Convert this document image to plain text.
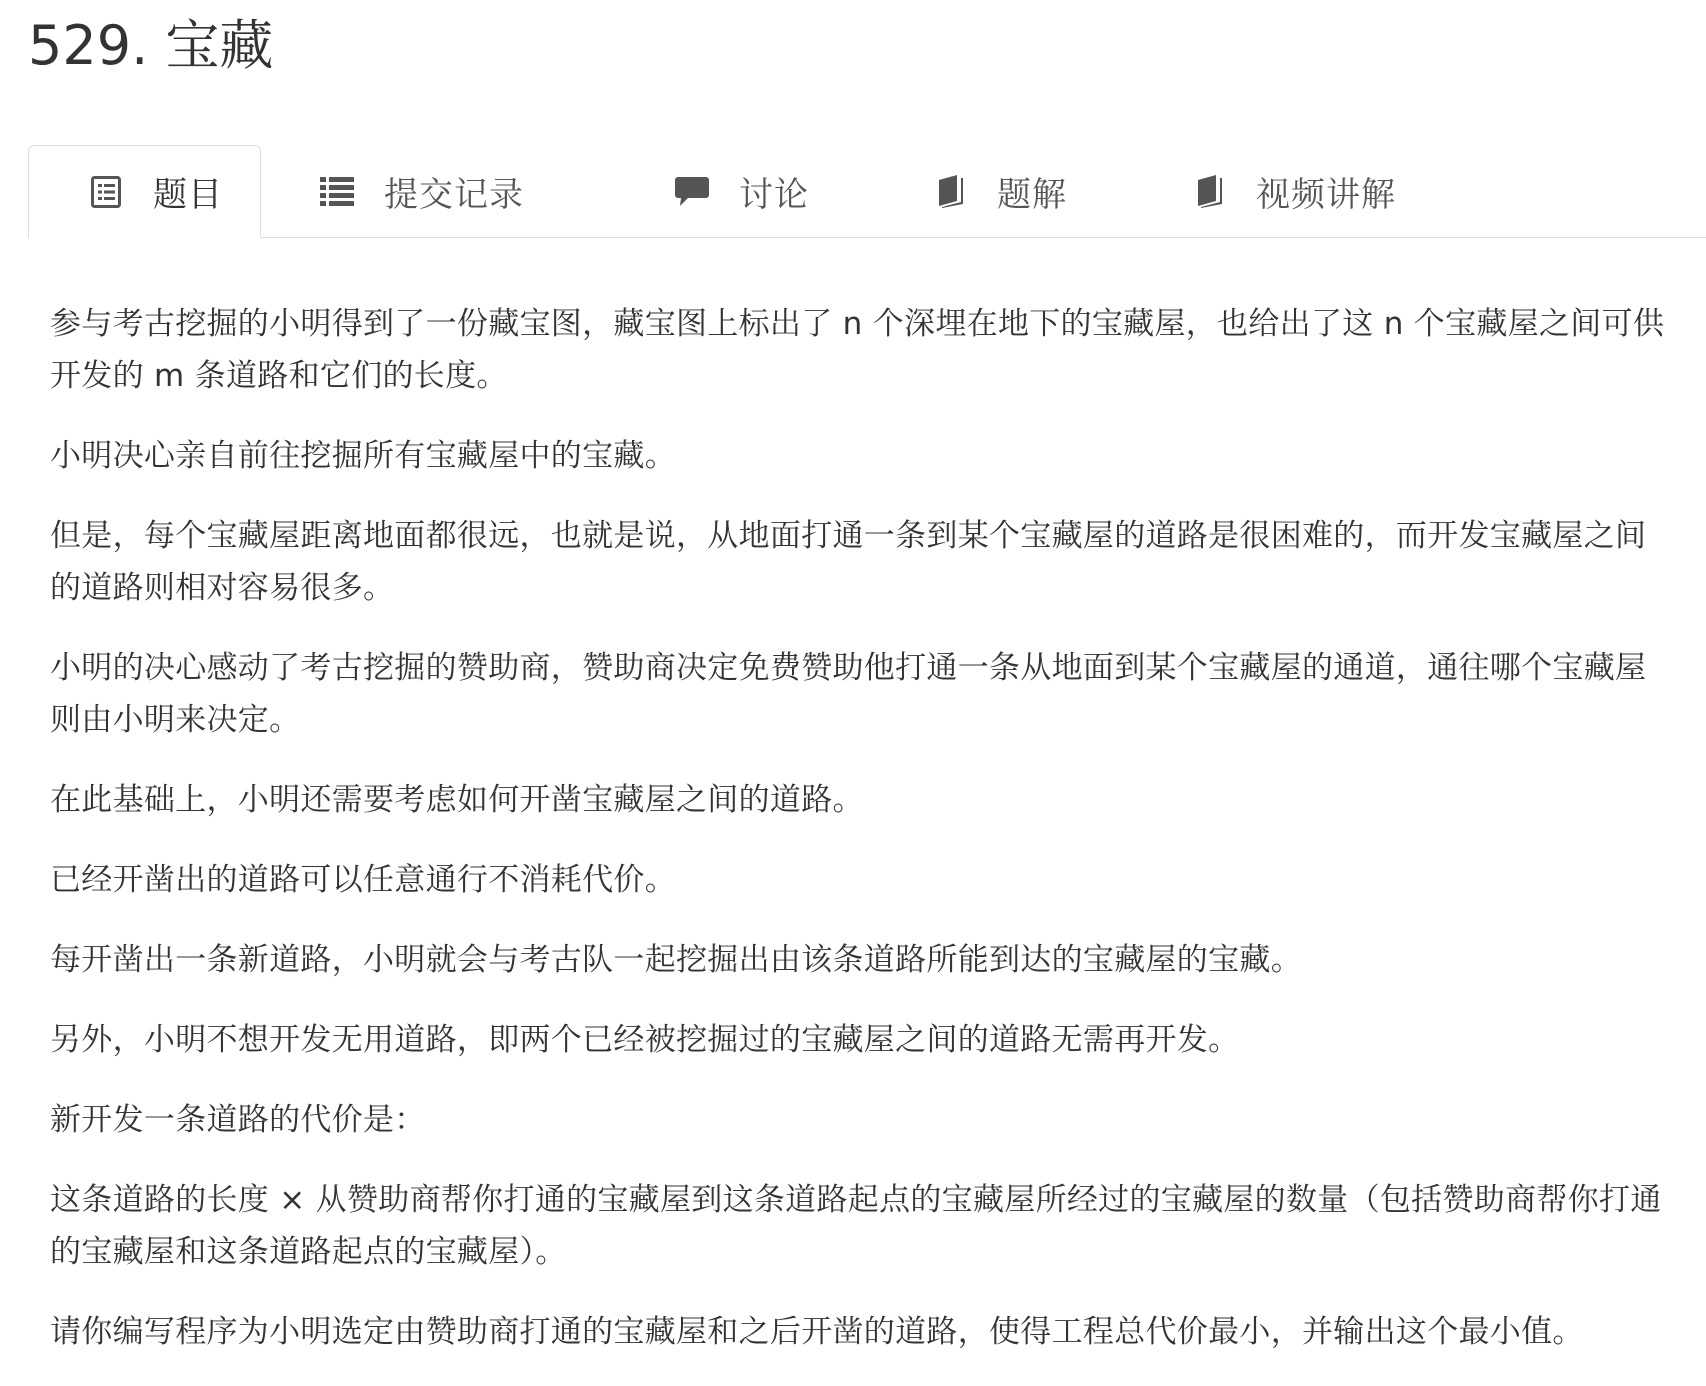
529. 宝藏
题目	提交记录	讨论	题解	视频讲解

参与考古挖掘的小明得到了一份藏宝图，藏宝图上标出了 n 个深埋在地下的宝藏屋，也给出了这 n 个宝藏屋之间可供开发的 m 条道路和它们的长度。

小明决心亲自前往挖掘所有宝藏屋中的宝藏。

但是，每个宝藏屋距离地面都很远，也就是说，从地面打通一条到某个宝藏屋的道路是很困难的，而开发宝藏屋之间的道路则相对容易很多。

小明的决心感动了考古挖掘的赞助商，赞助商决定免费赞助他打通一条从地面到某个宝藏屋的通道，通往哪个宝藏屋则由小明来决定。

在此基础上，小明还需要考虑如何开凿宝藏屋之间的道路。

已经开凿出的道路可以任意通行不消耗代价。

每开凿出一条新道路，小明就会与考古队一起挖掘出由该条道路所能到达的宝藏屋的宝藏。

另外，小明不想开发无用道路，即两个已经被挖掘过的宝藏屋之间的道路无需再开发。

新开发一条道路的代价是：

这条道路的长度 × 从赞助商帮你打通的宝藏屋到这条道路起点的宝藏屋所经过的宝藏屋的数量（包括赞助商帮你打通的宝藏屋和这条道路起点的宝藏屋）。

请你编写程序为小明选定由赞助商打通的宝藏屋和之后开凿的道路，使得工程总代价最小，并输出这个最小值。
